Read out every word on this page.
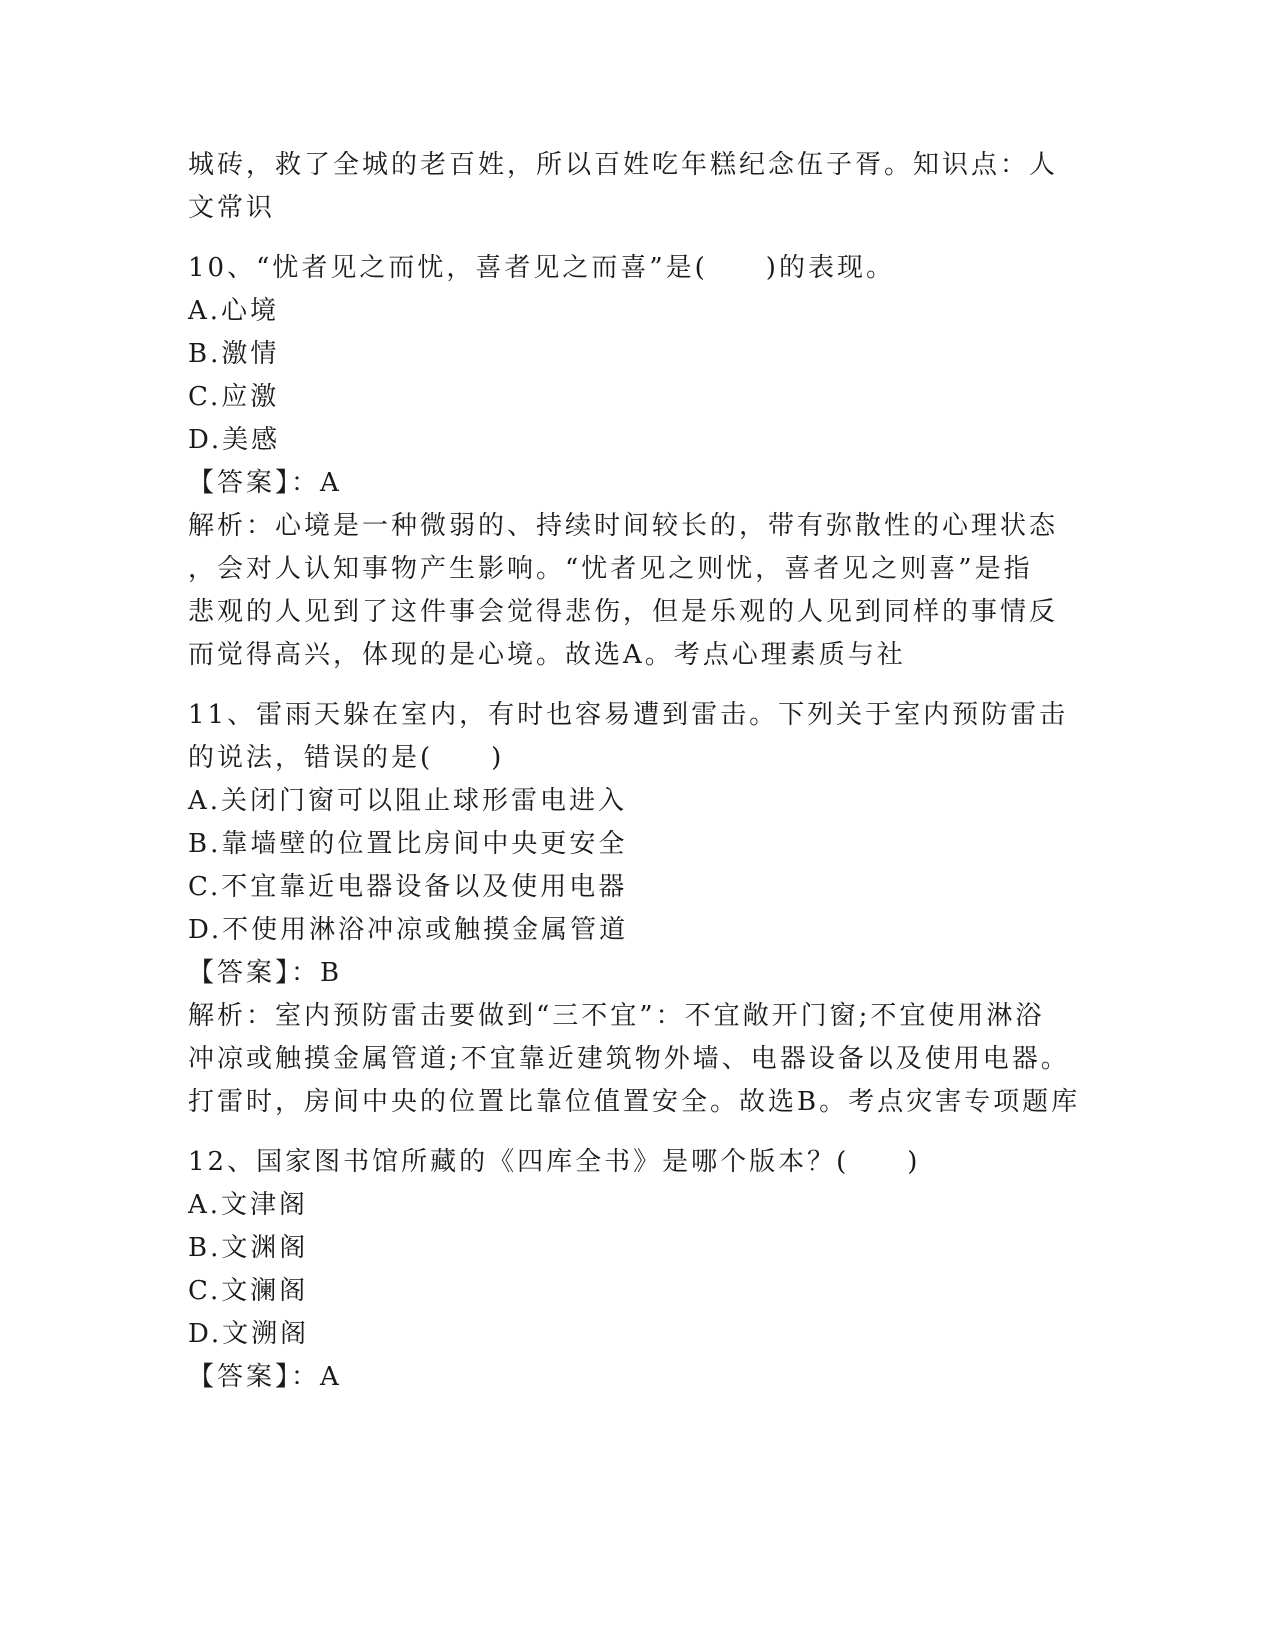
城砖，救了全城的老百姓，所以百姓吃年糕纪念伍子胥。知识点：人
文常识
10、“忧者见之而忧，喜者见之而喜”是(　　)的表现。
A.心境
B.激情
C.应激
D.美感
【答案】：A
解析：心境是一种微弱的、持续时间较长的，带有弥散性的心理状态
，会对人认知事物产生影响。“忧者见之则忧，喜者见之则喜”是指
悲观的人见到了这件事会觉得悲伤，但是乐观的人见到同样的事情反
而觉得高兴，体现的是心境。故选A。考点心理素质与社
11、雷雨天躲在室内，有时也容易遭到雷击。下列关于室内预防雷击
的说法，错误的是(　　)
A.关闭门窗可以阻止球形雷电进入
B.靠墙壁的位置比房间中央更安全
C.不宜靠近电器设备以及使用电器
D.不使用淋浴冲凉或触摸金属管道
【答案】：B
解析：室内预防雷击要做到“三不宜”：不宜敞开门窗;不宜使用淋浴
冲凉或触摸金属管道;不宜靠近建筑物外墙、电器设备以及使用电器。
打雷时，房间中央的位置比靠位值置安全。故选B。考点灾害专项题库
12、国家图书馆所藏的《四库全书》是哪个版本？(　　)
A.文津阁
B.文渊阁
C.文澜阁
D.文溯阁
【答案】：A
